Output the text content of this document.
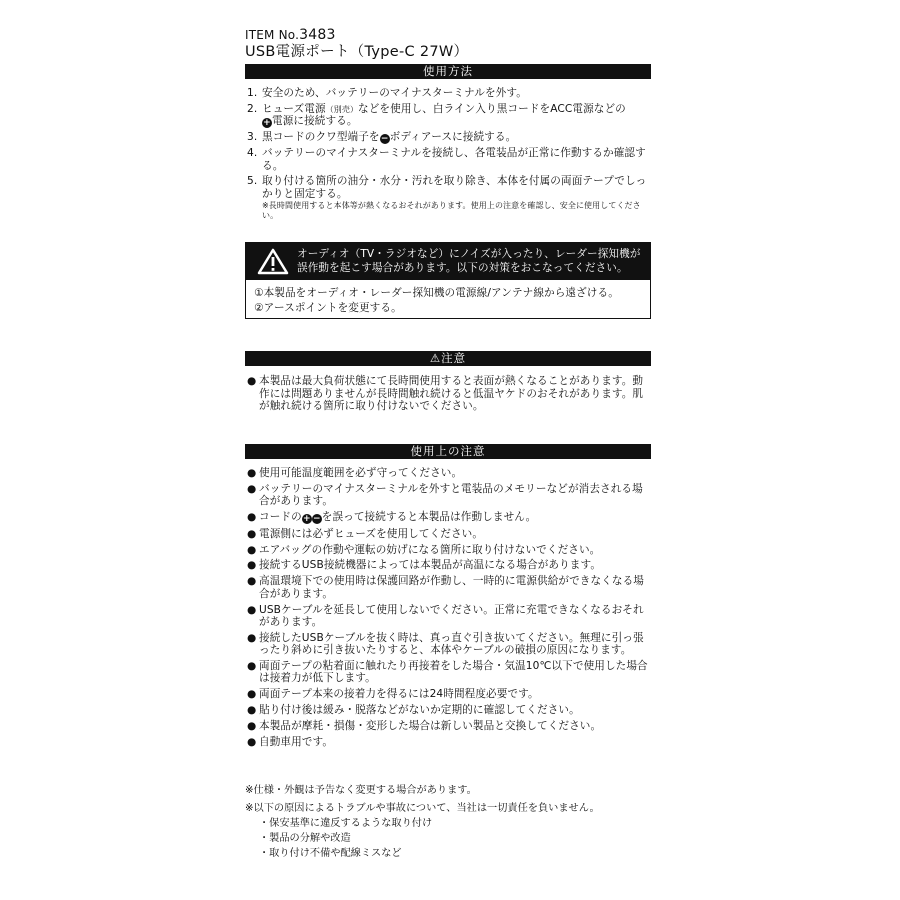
ITEM No.3483
USB電源ポート（Type-C 27W）
使用方法
1. 安全のため、バッテリーのマイナスターミナルを外す。
2. ヒューズ電源（別売）などを使用し、白ライン入り黒コードをACC電源などの
+電源に接続する。
3. 黒コードのクワ型端子を−ボディアースに接続する。
4. バッテリーのマイナスターミナルを接続し、各電装品が正常に作動するか確認する。
5. 取り付ける箇所の油分・水分・汚れを取り除き、本体を付属の両面テープでしっかりと固定する。

※長時間使用すると本体等が熱くなるおそれがあります。使用上の注意を確認し、安全に使用してください。
オーディオ（TV・ラジオなど）にノイズが入ったり、レーダー探知機が
誤作動を起こす場合があります。以下の対策をおこなってください。
①本製品をオーディオ・レーダー探知機の電源線/アンテナ線から遠ざける。
②アースポイントを変更する。
⚠注意
● 本製品は最大負荷状態にて長時間使用すると表面が熱くなることがあります。動作には問題ありませんが長時間触れ続けると低温ヤケドのおそれがあります。肌が触れ続ける箇所に取り付けないでください。
使用上の注意
● 使用可能温度範囲を必ず守ってください。
● バッテリーのマイナスターミナルを外すと電装品のメモリーなどが消去される場合があります。
● コードの+ −を誤って接続すると本製品は作動しません。
● 電源側には必ずヒューズを使用してください。
● エアバッグの作動や運転の妨げになる箇所に取り付けないでください。
● 接続するUSB接続機器によっては本製品が高温になる場合があります。
● 高温環境下での使用時は保護回路が作動し、一時的に電源供給ができなくなる場合があります。
● USBケーブルを延長して使用しないでください。正常に充電できなくなるおそれがあります。
● 接続したUSBケーブルを抜く時は、真っ直ぐ引き抜いてください。無理に引っ張ったり斜めに引き抜いたりすると、本体やケーブルの破損の原因になります。
● 両面テープの粘着面に触れたり再接着をした場合・気温10℃以下で使用した場合は接着力が低下します。
● 両面テープ本来の接着力を得るには24時間程度必要です。
● 貼り付け後は緩み・脱落などがないか定期的に確認してください。
● 本製品が摩耗・損傷・変形した場合は新しい製品と交換してください。
● 自動車用です。
※仕様・外観は予告なく変更する場合があります。
※以下の原因によるトラブルや事故について、当社は一切責任を負いません。
・保安基準に違反するような取り付け
・製品の分解や改造
・取り付け不備や配線ミスなど
